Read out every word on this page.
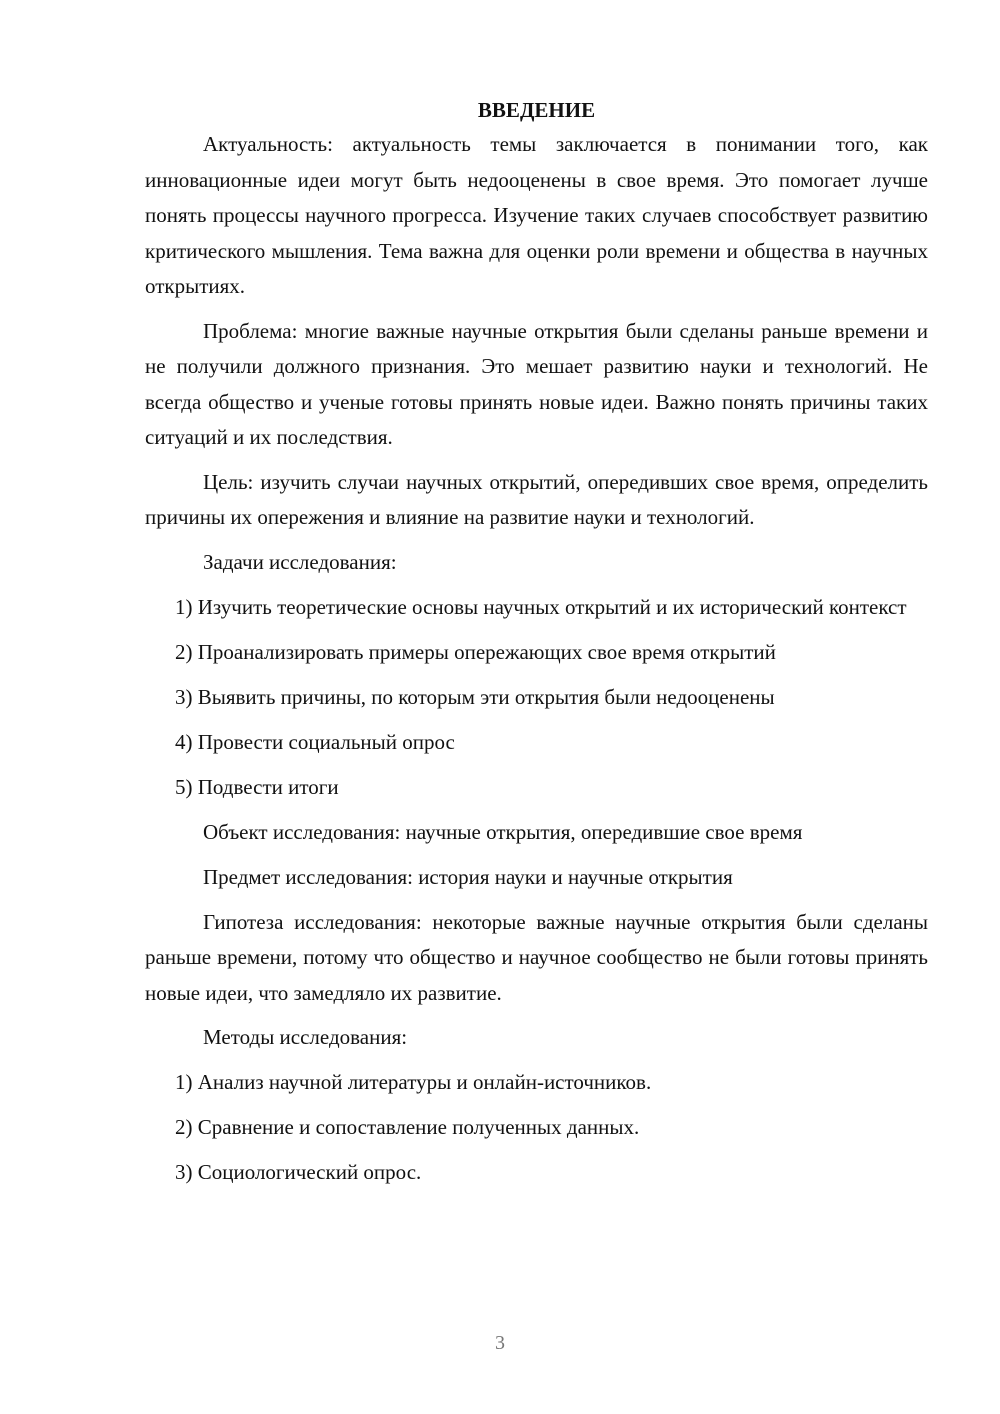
ВВЕДЕНИЕ

Актуальность: актуальность темы заключается в понимании того, как инновационные идеи могут быть недооценены в свое время. Это помогает лучше понять процессы научного прогресса. Изучение таких случаев способствует развитию критического мышления. Тема важна для оценки роли времени и общества в научных открытиях.

Проблема: многие важные научные открытия были сделаны раньше времени и не получили должного признания. Это мешает развитию науки и технологий. Не всегда общество и ученые готовы принять новые идеи. Важно понять причины таких ситуаций и их последствия.

Цель: изучить случаи научных открытий, опередивших свое время, определить причины их опережения и влияние на развитие науки и технологий.

Задачи исследования:

1) Изучить теоретические основы научных открытий и их исторический контекст

2) Проанализировать примеры опережающих свое время открытий

3) Выявить причины, по которым эти открытия были недооценены

4) Провести социальный опрос

5) Подвести итоги

Объект исследования: научные открытия, опередившие свое время

Предмет исследования: история науки и научные открытия

Гипотеза исследования: некоторые важные научные открытия были сделаны раньше времени, потому что общество и научное сообщество не были готовы принять новые идеи, что замедляло их развитие.

Методы исследования:

1) Анализ научной литературы и онлайн-источников.

2) Сравнение и сопоставление полученных данных.

3) Социологический опрос.

3
